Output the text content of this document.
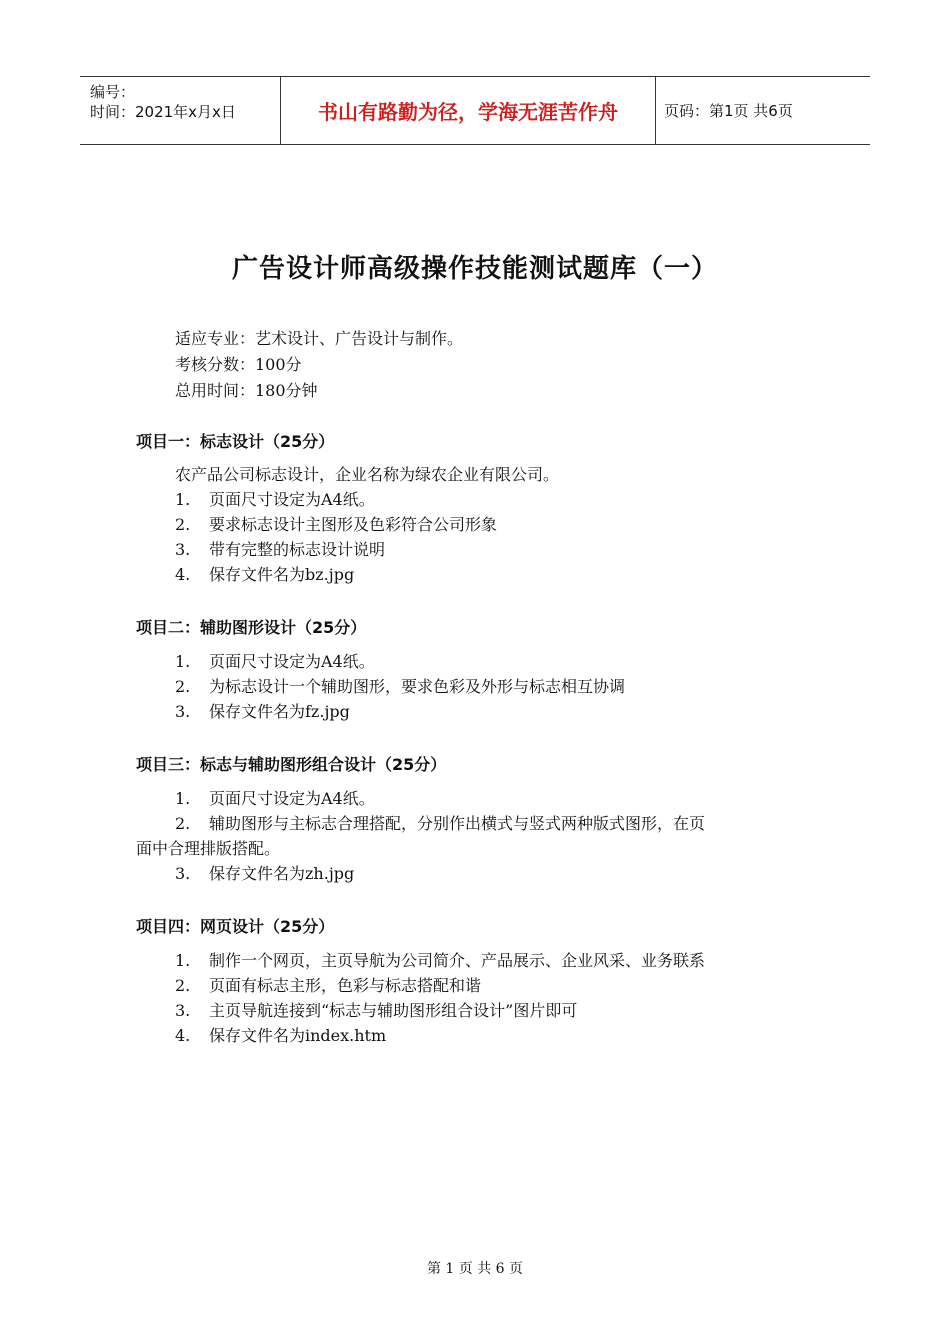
编号：
时间：2021年x月x日	书山有路勤为径，学海无涯苦作舟	页码：第1页 共6页
广告设计师高级操作技能测试题库（一）
适应专业：艺术设计、广告设计与制作。
考核分数：100分
总用时间：180分钟
项目一：标志设计（25分）
农产品公司标志设计，企业名称为绿农企业有限公司。
1. 页面尺寸设定为A4纸。
2. 要求标志设计主图形及色彩符合公司形象
3. 带有完整的标志设计说明
4. 保存文件名为bz.jpg
项目二：辅助图形设计（25分）
1. 页面尺寸设定为A4纸。
2. 为标志设计一个辅助图形，要求色彩及外形与标志相互协调
3. 保存文件名为fz.jpg
项目三：标志与辅助图形组合设计（25分）
1. 页面尺寸设定为A4纸。
2. 辅助图形与主标志合理搭配，分别作出横式与竖式两种版式图形，在页
面中合理排版搭配。
3. 保存文件名为zh.jpg
项目四：网页设计（25分）
1. 制作一个网页，主页导航为公司简介、产品展示、企业风采、业务联系
2. 页面有标志主形，色彩与标志搭配和谐
3. 主页导航连接到“标志与辅助图形组合设计”图片即可
4. 保存文件名为index.htm
第 1 页 共 6 页
